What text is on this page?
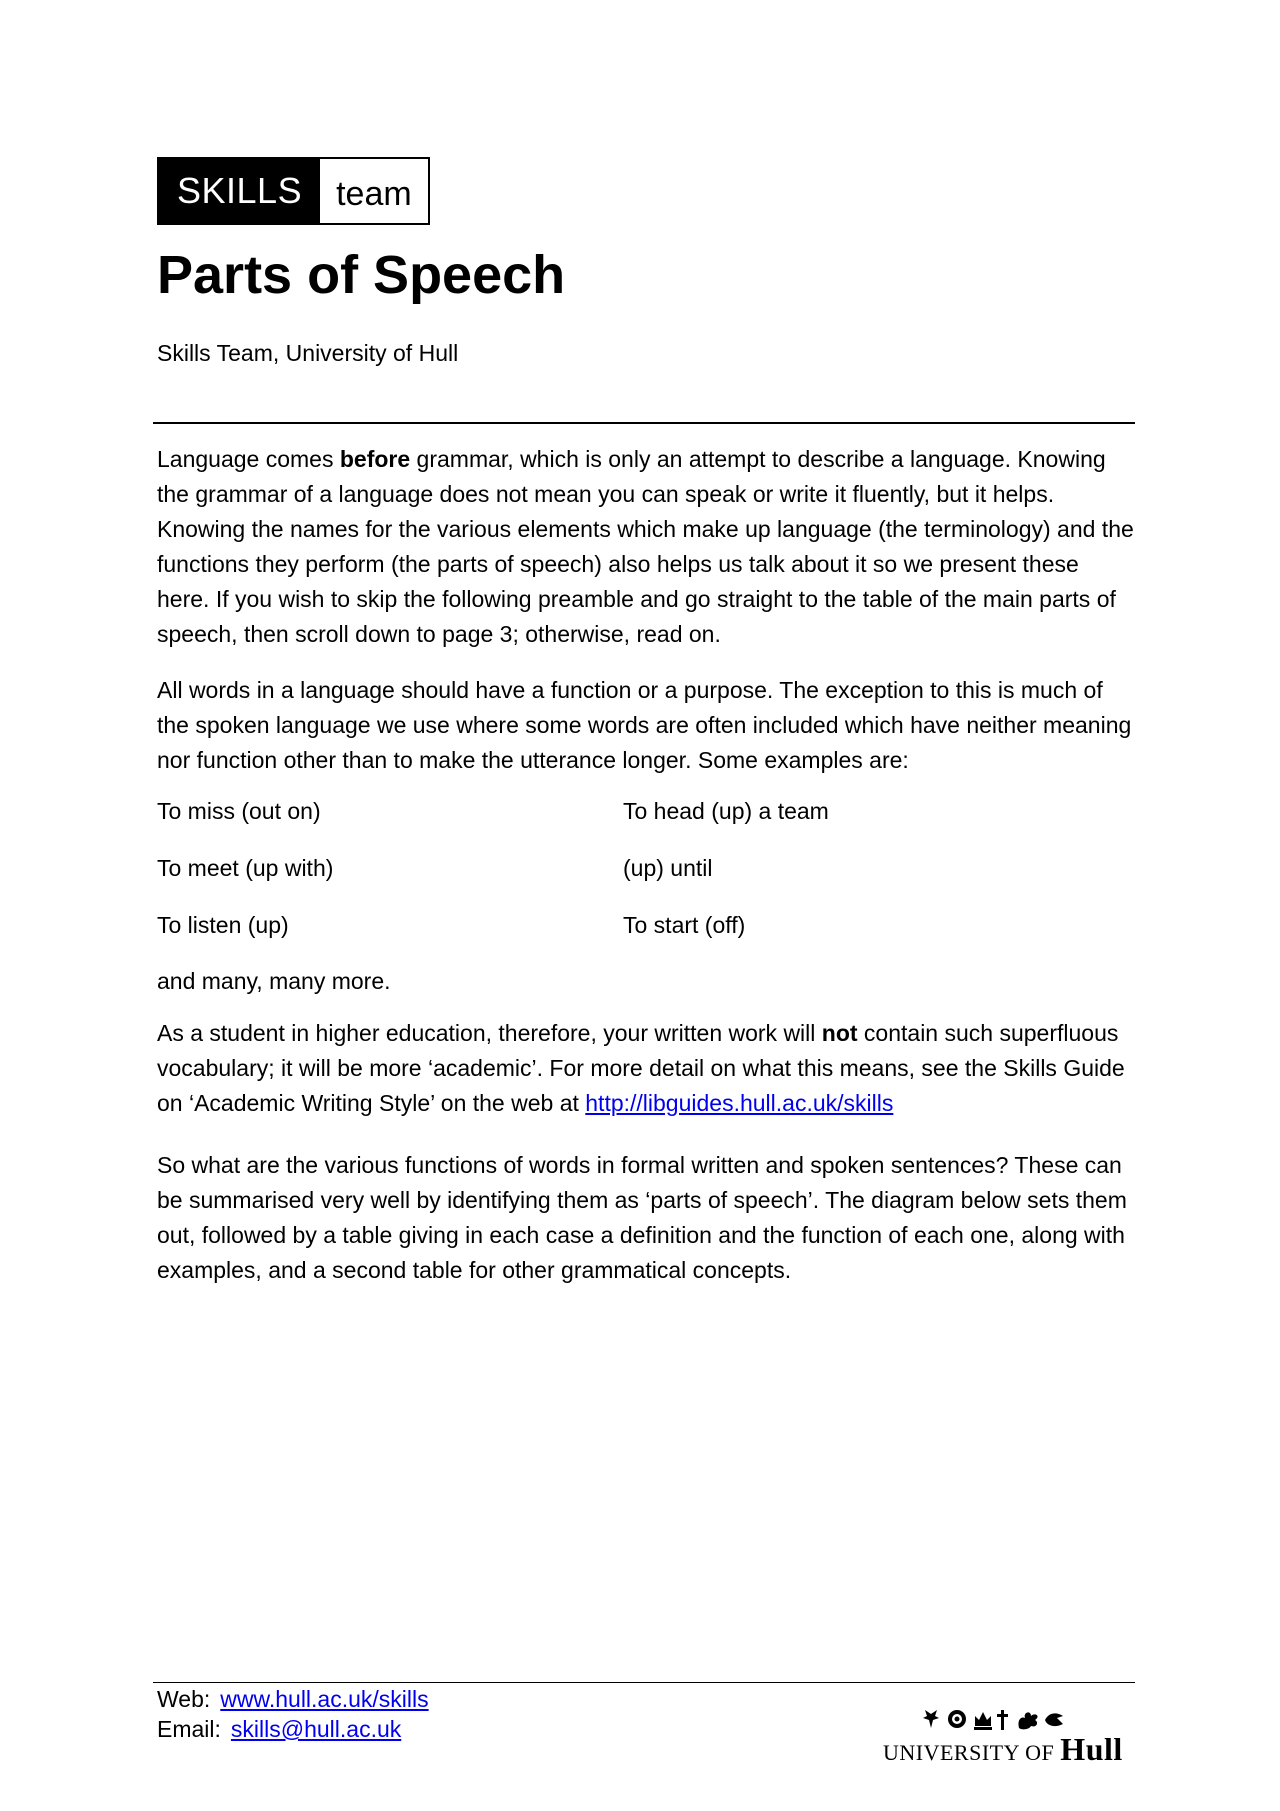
SKILLS	team
Parts of Speech

Skills Team, University of Hull

Language comes before grammar, which is only an attempt to describe a language. Knowing the grammar of a language does not mean you can speak or write it fluently, but it helps. Knowing the names for the various elements which make up language (the terminology) and the functions they perform (the parts of speech) also helps us talk about it so we present these here. If you wish to skip the following preamble and go straight to the table of the main parts of speech, then scroll down to page 3; otherwise, read on.

All words in a language should have a function or a purpose. The exception to this is much of the spoken language we use where some words are often included which have neither meaning nor function other than to make the utterance longer. Some examples are:

To miss (out on)	To head (up) a team

To meet (up with)	(up) until

To listen (up)	To start (off)

and many, many more.

As a student in higher education, therefore, your written work will not contain such superfluous vocabulary; it will be more ‘academic’. For more detail on what this means, see the Skills Guide on ‘Academic Writing Style’ on the web at http://libguides.hull.ac.uk/skills

So what are the various functions of words in formal written and spoken sentences? These can be summarised very well by identifying them as ‘parts of speech’. The diagram below sets them out, followed by a table giving in each case a definition and the function of each one, along with examples, and a second table for other grammatical concepts.

Web: www.hull.ac.uk/skills

Email: skills@hull.ac.uk

UNIVERSITY OF Hull
